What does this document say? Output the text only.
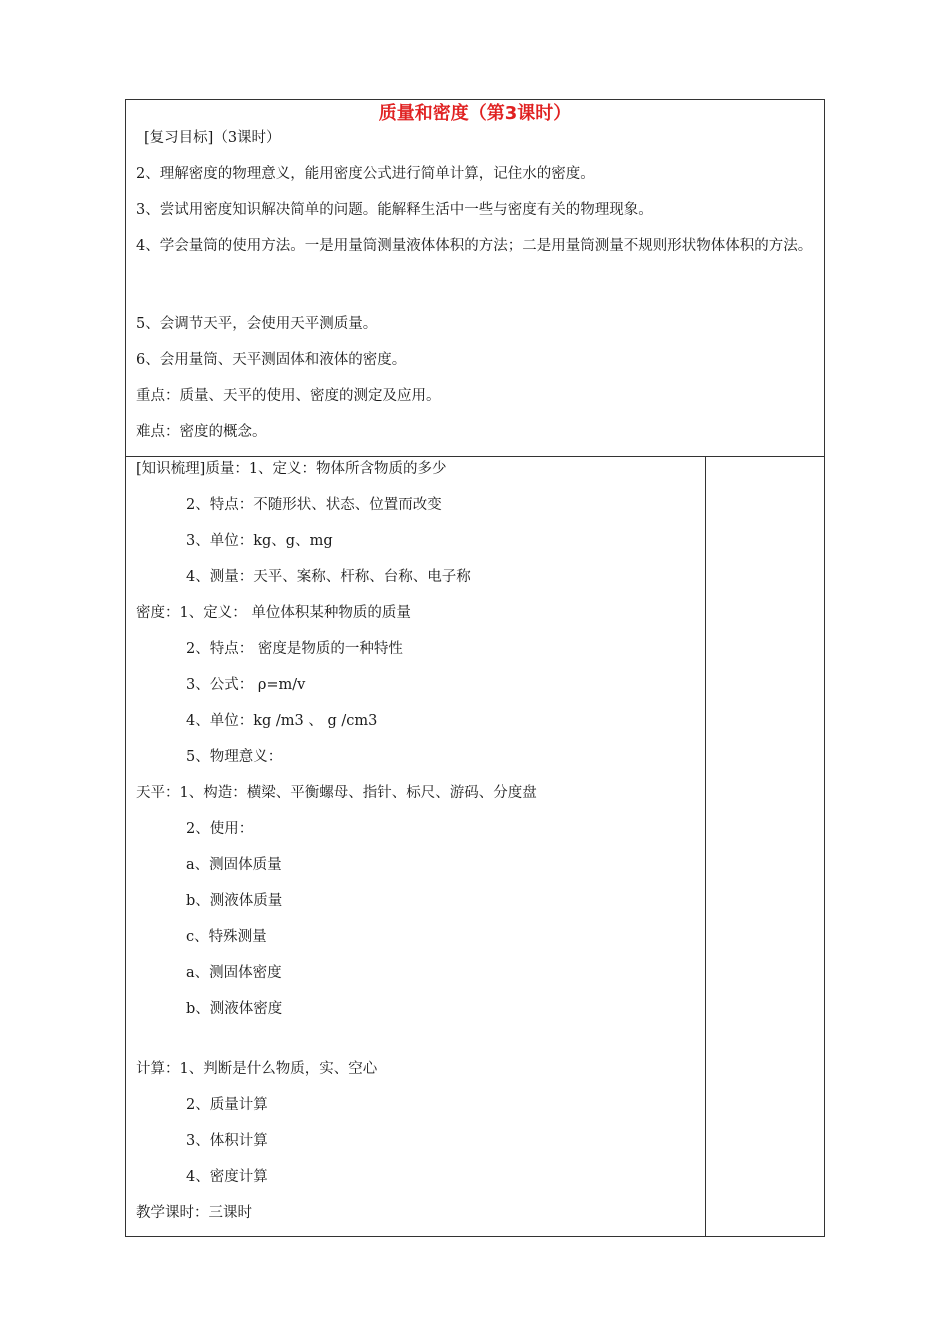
质量和密度（第3课时）
[复习目标]（3课时）
2、理解密度的物理意义，能用密度公式进行简单计算，记住水的密度。
3、尝试用密度知识解决简单的问题。能解释生活中一些与密度有关的物理现象。
4、学会量筒的使用方法。一是用量筒测量液体体积的方法；二是用量筒测量不规则形状物体体积的方法。
5、会调节天平，会使用天平测质量。
6、会用量筒、天平测固体和液体的密度。
重点：质量、天平的使用、密度的测定及应用。
难点：密度的概念。
[知识梳理]质量：1、定义：物体所含物质的多少
2、特点：不随形状、状态、位置而改变
3、单位：kg、g、mg
4、测量：天平、案称、杆称、台称、电子称
密度：1、定义： 单位体积某种物质的质量
2、特点： 密度是物质的一种特性
3、公式： ρ=m/v
4、单位：kg /m3 、 g /cm3
5、物理意义：
天平：1、构造：横梁、平衡螺母、指针、标尺、游码、分度盘
2、使用：
a、测固体质量
b、测液体质量
c、特殊测量
a、测固体密度
b、测液体密度
计算：1、判断是什么物质，实、空心
2、质量计算
3、体积计算
4、密度计算
教学课时：三课时
